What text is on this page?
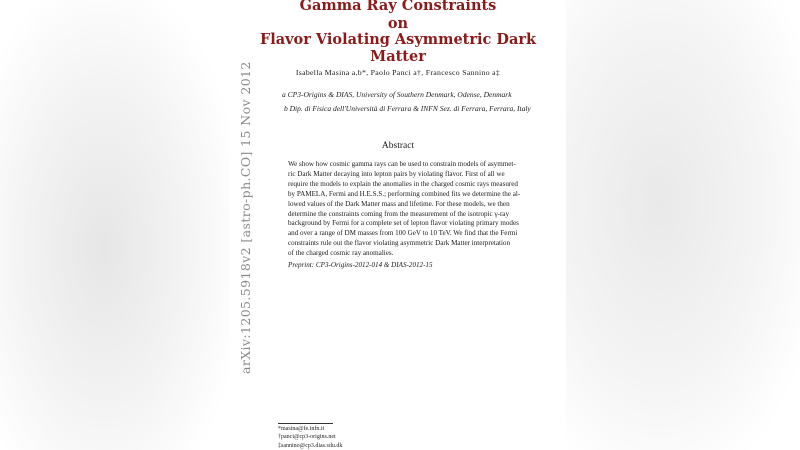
Gamma Ray Constraints
on
Flavor Violating Asymmetric Dark Matter
Isabella Masina a,b*, Paolo Panci a†, Francesco Sannino a‡
a CP3-Origins & DIAS, University of Southern Denmark, Odense, Denmark
b Dip. di Fisica dell'Università di Ferrara & INFN Sez. di Ferrara, Ferrara, Italy
Abstract
We show how cosmic gamma rays can be used to constrain models of asymmet-
ric Dark Matter decaying into lepton pairs by violating flavor. First of all we
require the models to explain the anomalies in the charged cosmic rays measured
by PAMELA, Fermi and H.E.S.S.; performing combined fits we determine the al-
lowed values of the Dark Matter mass and lifetime. For these models, we then
determine the constraints coming from the measurement of the isotropic γ-ray
background by Fermi for a complete set of lepton flavor violating primary modes
and over a range of DM masses from 100 GeV to 10 TeV. We find that the Fermi
constraints rule out the flavor violating asymmetric Dark Matter interpretation
of the charged cosmic ray anomalies.
Preprint: CP3-Origins-2012-014 & DIAS-2012-15
arXiv:1205.5918v2 [astro-ph.CO] 15 Nov 2012
*masina@fe.infn.it
†panci@cp3-origins.net
‡sannino@cp3.dias.sdu.dk
